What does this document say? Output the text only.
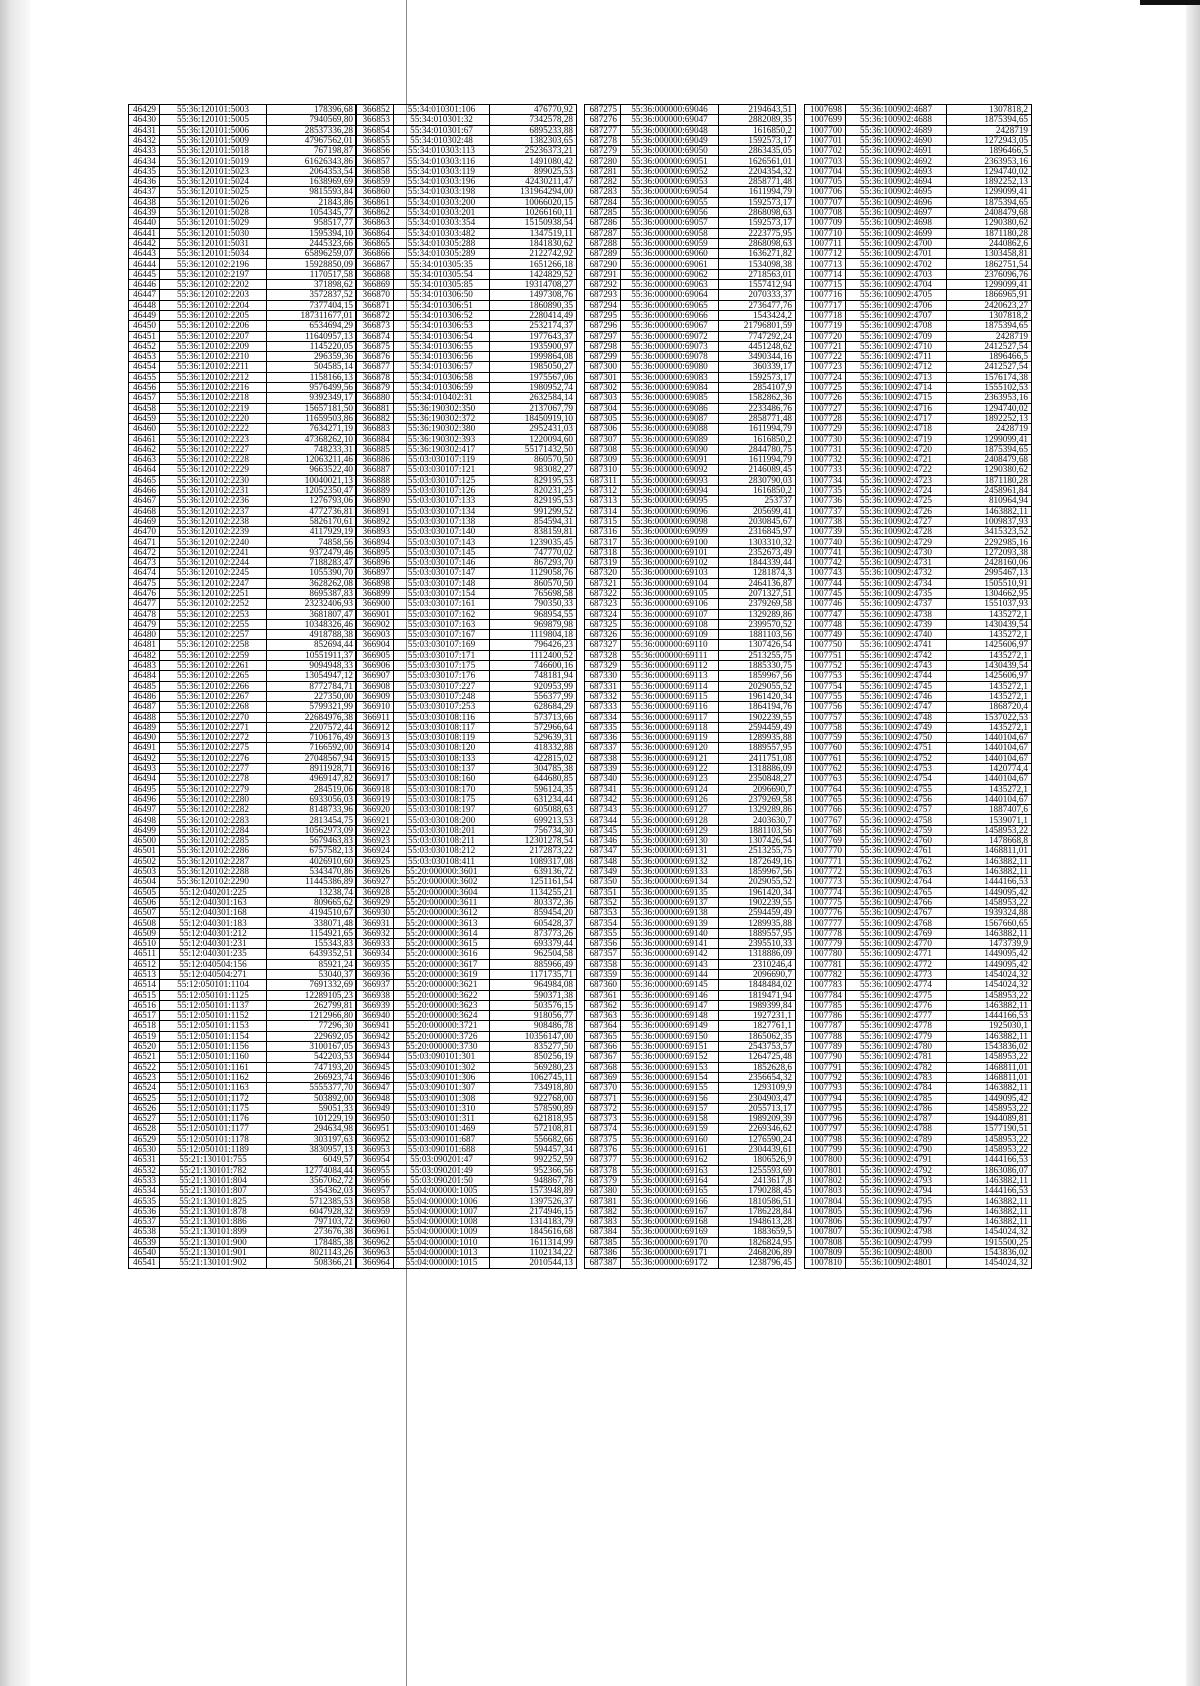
46429	55:36:120101:5003	178396,68
46430	55:36:120101:5005	7940569,80
46431	55:36:120101:5006	28537336,28
46432	55:36:120101:5009	47967562,01
46433	55:36:120101:5018	767198,87
46434	55:36:120101:5019	61626343,86
46435	55:36:120101:5023	2064353,54
46436	55:36:120101:5024	1638969,69
46437	55:36:120101:5025	9815593,84
46438	55:36:120101:5026	21843,86
46439	55:36:120101:5028	1054345,77
46440	55:36:120101:5029	958517,77
46441	55:36:120101:5030	1595394,10
46442	55:36:120101:5031	2445323,66
46443	55:36:120101:5034	65896259,07
46444	55:36:120102:2196	15928850,09
46445	55:36:120102:2197	1170517,58
46446	55:36:120102:2202	371898,62
46447	55:36:120102:2203	3572837,52
46448	55:36:120102:2204	7377404,15
46449	55:36:120102:2205	187311677,01
46450	55:36:120102:2206	6534694,29
46451	55:36:120102:2207	11640957,13
46452	55:36:120102:2209	1145220,05
46453	55:36:120102:2210	296359,36
46454	55:36:120102:2211	504585,14
46455	55:36:120102:2212	1158166,13
46456	55:36:120102:2216	9576499,56
46457	55:36:120102:2218	9392349,17
46458	55:36:120102:2219	15657181,50
46459	55:36:120102:2220	11659503,86
46460	55:36:120102:2222	7634271,19
46461	55:36:120102:2223	47368262,10
46462	55:36:120102:2227	748233,31
46463	55:36:120102:2228	12063211,46
46464	55:36:120102:2229	9663522,40
46465	55:36:120102:2230	10040021,13
46466	55:36:120102:2231	12052350,47
46467	55:36:120102:2236	1276793,06
46468	55:36:120102:2237	4772736,81
46469	55:36:120102:2238	5826170,61
46470	55:36:120102:2239	4117929,19
46471	55:36:120102:2240	74858,56
46472	55:36:120102:2241	9372479,46
46473	55:36:120102:2244	7188283,47
46474	55:36:120102:2245	1055390,70
46475	55:36:120102:2247	3628262,08
46476	55:36:120102:2251	8695387,83
46477	55:36:120102:2252	23232406,93
46478	55:36:120102:2253	3681807,47
46479	55:36:120102:2255	10348326,46
46480	55:36:120102:2257	4918788,38
46481	55:36:120102:2258	852694,44
46482	55:36:120102:2259	10551911,37
46483	55:36:120102:2261	9094948,33
46484	55:36:120102:2265	13054947,12
46485	55:36:120102:2266	8772784,71
46486	55:36:120102:2267	227350,00
46487	55:36:120102:2268	5799321,99
46488	55:36:120102:2270	22684976,38
46489	55:36:120102:2271	2207572,44
46490	55:36:120102:2272	7106176,49
46491	55:36:120102:2275	7166592,00
46492	55:36:120102:2276	27048567,94
46493	55:36:120102:2277	8911928,71
46494	55:36:120102:2278	4969147,82
46495	55:36:120102:2279	284519,06
46496	55:36:120102:2280	6933056,03
46497	55:36:120102:2282	8148733,96
46498	55:36:120102:2283	2813454,75
46499	55:36:120102:2284	10562973,09
46500	55:36:120102:2285	5679463,83
46501	55:36:120102:2286	6757582,13
46502	55:36:120102:2287	4026910,60
46503	55:36:120102:2288	5343470,86
46504	55:36:120102:2290	11445386,89
46505	55:12:040201:225	13238,74
46506	55:12:040301:163	809665,62
46507	55:12:040301:168	4194510,67
46508	55:12:040301:183	338071,48
46509	55:12:040301:212	1154921,65
46510	55:12:040301:231	155343,83
46511	55:12:040301:235	6439352,51
46512	55:12:040504:156	85921,24
46513	55:12:040504:271	53040,37
46514	55:12:050101:1104	7691332,69
46515	55:12:050101:1125	12289105,23
46516	55:12:050101:1137	262799,81
46517	55:12:050101:1152	1212966,80
46518	55:12:050101:1153	77296,30
46519	55:12:050101:1154	229692,05
46520	55:12:050101:1156	3100167,05
46521	55:12:050101:1160	542203,53
46522	55:12:050101:1161	747193,20
46523	55:12:050101:1162	266923,74
46524	55:12:050101:1163	5555377,70
46525	55:12:050101:1172	503892,00
46526	55:12:050101:1175	59051,33
46527	55:12:050101:1176	101229,19
46528	55:12:050101:1177	294634,98
46529	55:12:050101:1178	303197,63
46530	55:12:050101:1189	3830957,13
46531	55:21:130101:755	6049,57
46532	55:21:130101:782	12774084,44
46533	55:21:130101:804	3567062,72
46534	55:21:130101:807	354362,03
46535	55:21:130101:825	5712385,53
46536	55:21:130101:878	6047928,32
46537	55:21:130101:886	797103,72
46538	55:21:130101:899	273676,38
46539	55:21:130101:900	178485,38
46540	55:21:130101:901	8021143,26
46541	55:21:130101:902	508366,21
366852	55:34:010301:106	476770,92
366853	55:34:010301:32	7342578,28
366854	55:34:010301:67	6895233,88
366855	55:34:010302:48	1382303,65
366856	55:34:010303:113	25236373,21
366857	55:34:010303:116	1491080,42
366858	55:34:010303:119	899025,53
366859	55:34:010303:196	42430211,47
366860	55:34:010303:198	131964294,00
366861	55:34:010303:200	10066020,15
366862	55:34:010303:201	10266160,11
366863	55:34:010303:354	15150938,54
366864	55:34:010303:482	1347519,11
366865	55:34:010305:288	1841830,62
366866	55:34:010305:289	2122742,92
366867	55:34:010305:35	1651266,18
366868	55:34:010305:54	1424829,52
366869	55:34:010305:85	19314708,27
366870	55:34:010306:50	1497308,76
366871	55:34:010306:51	1860890,35
366872	55:34:010306:52	2280414,49
366873	55:34:010306:53	2532174,37
366874	55:34:010306:54	1977643,37
366875	55:34:010306:55	1935900,97
366876	55:34:010306:56	1999864,08
366877	55:34:010306:57	1985050,27
366878	55:34:010306:58	1975567,06
366879	55:34:010306:59	1980952,74
366880	55:34:010402:31	2632584,14
366881	55:36:190302:350	2137067,79
366882	55:36:190302:372	18450919,10
366883	55:36:190302:380	2952431,03
366884	55:36:190302:393	1220094,60
366885	55:36:190302:417	55171432,50
366886	55:03:030107:119	860570,50
366887	55:03:030107:121	983082,27
366888	55:03:030107:125	829195,53
366889	55:03:030107:126	820231,25
366890	55:03:030107:133	829195,53
366891	55:03:030107:134	991299,52
366892	55:03:030107:138	854594,31
366893	55:03:030107:140	838159,81
366894	55:03:030107:143	1239035,45
366895	55:03:030107:145	747770,02
366896	55:03:030107:146	867293,70
366897	55:03:030107:147	1129058,76
366898	55:03:030107:148	860570,50
366899	55:03:030107:154	765698,58
366900	55:03:030107:161	790350,33
366901	55:03:030107:162	968954,55
366902	55:03:030107:163	969879,98
366903	55:03:030107:167	1119804,18
366904	55:03:030107:169	796426,23
366905	55:03:030107:171	1112400,52
366906	55:03:030107:175	746600,16
366907	55:03:030107:176	748181,94
366908	55:03:030107:227	920953,99
366909	55:03:030107:248	556377,99
366910	55:03:030107:253	628684,29
366911	55:03:030108:116	573713,66
366912	55:03:030108:117	572966,64
366913	55:03:030108:119	529639,31
366914	55:03:030108:120	418332,88
366915	55:03:030108:133	422815,02
366916	55:03:030108:137	304785,38
366917	55:03:030108:160	644680,85
366918	55:03:030108:170	596124,35
366919	55:03:030108:175	631234,44
366920	55:03:030108:197	605088,63
366921	55:03:030108:200	699213,53
366922	55:03:030108:201	756734,30
366923	55:03:030108:211	12301278,54
366924	55:03:030108:212	2172873,22
366925	55:03:030108:411	1089317,08
366926	55:20:000000:3601	639136,72
366927	55:20:000000:3602	1251161,54
366928	55:20:000000:3604	1134255,21
366929	55:20:000000:3611	803372,36
366930	55:20:000000:3612	859454,20
366931	55:20:000000:3613	605428,37
366932	55:20:000000:3614	873773,26
366933	55:20:000000:3615	693379,44
366934	55:20:000000:3616	962504,58
366935	55:20:000000:3617	885966,49
366936	55:20:000000:3619	1171735,71
366937	55:20:000000:3621	964984,08
366938	55:20:000000:3622	590371,38
366939	55:20:000000:3623	503576,15
366940	55:20:000000:3624	918056,77
366941	55:20:000000:3721	908486,78
366942	55:20:000000:3726	10356147,00
366943	55:20:000000:3730	835277,50
366944	55:03:090101:301	850256,19
366945	55:03:090101:302	569280,23
366946	55:03:090101:306	1062745,11
366947	55:03:090101:307	734918,80
366948	55:03:090101:308	922768,00
366949	55:03:090101:310	578590,89
366950	55:03:090101:311	621818,95
366951	55:03:090101:469	572108,81
366952	55:03:090101:687	556682,66
366953	55:03:090101:688	594457,34
366954	55:03:090201:47	992252,59
366955	55:03:090201:49	952366,56
366956	55:03:090201:50	948867,78
366957	55:04:000000:1005	1573948,89
366958	55:04:000000:1006	1397526,37
366959	55:04:000000:1007	2174946,15
366960	55:04:000000:1008	1314183,79
366961	55:04:000000:1009	1845616,68
366962	55:04:000000:1010	1611314,99
366963	55:04:000000:1013	1102134,22
366964	55:04:000000:1015	2010544,13
687275	55:36:000000:69046	2194643,51
687276	55:36:000000:69047	2882089,35
687277	55:36:000000:69048	1616850,2
687278	55:36:000000:69049	1592573,17
687279	55:36:000000:69050	2863435,05
687280	55:36:000000:69051	1626561,01
687281	55:36:000000:69052	2204354,32
687282	55:36:000000:69053	2858771,48
687283	55:36:000000:69054	1611994,79
687284	55:36:000000:69055	1592573,17
687285	55:36:000000:69056	2868098,63
687286	55:36:000000:69057	1592573,17
687287	55:36:000000:69058	2223775,95
687288	55:36:000000:69059	2868098,63
687289	55:36:000000:69060	1636271,82
687290	55:36:000000:69061	1534098,38
687291	55:36:000000:69062	2718563,01
687292	55:36:000000:69063	1557412,94
687293	55:36:000000:69064	2070333,37
687294	55:36:000000:69065	2736477,76
687295	55:36:000000:69066	1543424,2
687296	55:36:000000:69067	21796801,59
687297	55:36:000000:69072	7747292,24
687298	55:36:000000:69073	4451248,62
687299	55:36:000000:69078	3490344,16
687300	55:36:000000:69080	360339,17
687301	55:36:000000:69083	1592573,17
687302	55:36:000000:69084	2854107,9
687303	55:36:000000:69085	1582862,36
687304	55:36:000000:69086	2233486,76
687305	55:36:000000:69087	2858771,48
687306	55:36:000000:69088	1611994,79
687307	55:36:000000:69089	1616850,2
687308	55:36:000000:69090	2844780,75
687309	55:36:000000:69091	1611994,79
687310	55:36:000000:69092	2146089,45
687311	55:36:000000:69093	2830790,03
687312	55:36:000000:69094	1616850,2
687313	55:36:000000:69095	253737
687314	55:36:000000:69096	205699,41
687315	55:36:000000:69098	2030845,67
687316	55:36:000000:69099	2316845,97
687317	55:36:000000:69100	1303310,32
687318	55:36:000000:69101	2352673,49
687319	55:36:000000:69102	1844339,44
687320	55:36:000000:69103	1281874,3
687321	55:36:000000:69104	2464136,87
687322	55:36:000000:69105	2071327,51
687323	55:36:000000:69106	2379269,58
687324	55:36:000000:69107	1329289,86
687325	55:36:000000:69108	2399570,52
687326	55:36:000000:69109	1881103,56
687327	55:36:000000:69110	1307426,54
687328	55:36:000000:69111	2513255,75
687329	55:36:000000:69112	1885330,75
687330	55:36:000000:69113	1859967,56
687331	55:36:000000:69114	2029055,52
687332	55:36:000000:69115	1961420,34
687333	55:36:000000:69116	1864194,76
687334	55:36:000000:69117	1902239,55
687335	55:36:000000:69118	2594459,49
687336	55:36:000000:69119	1289935,88
687337	55:36:000000:69120	1889557,95
687338	55:36:000000:69121	2411751,08
687339	55:36:000000:69122	1318886,09
687340	55:36:000000:69123	2350848,27
687341	55:36:000000:69124	2096690,7
687342	55:36:000000:69126	2379269,58
687343	55:36:000000:69127	1329289,86
687344	55:36:000000:69128	2403630,7
687345	55:36:000000:69129	1881103,56
687346	55:36:000000:69130	1307426,54
687347	55:36:000000:69131	2513255,75
687348	55:36:000000:69132	1872649,16
687349	55:36:000000:69133	1859967,56
687350	55:36:000000:69134	2029055,52
687351	55:36:000000:69135	1961420,34
687352	55:36:000000:69137	1902239,55
687353	55:36:000000:69138	2594459,49
687354	55:36:000000:69139	1289935,88
687355	55:36:000000:69140	1889557,95
687356	55:36:000000:69141	2395510,33
687357	55:36:000000:69142	1318886,09
687358	55:36:000000:69143	2310246,4
687359	55:36:000000:69144	2096690,7
687360	55:36:000000:69145	1848484,02
687361	55:36:000000:69146	1819471,94
687362	55:36:000000:69147	1989399,84
687363	55:36:000000:69148	1927231,1
687364	55:36:000000:69149	1827761,1
687365	55:36:000000:69150	1865062,35
687366	55:36:000000:69151	2543753,57
687367	55:36:000000:69152	1264725,48
687368	55:36:000000:69153	1852628,6
687369	55:36:000000:69154	2356654,32
687370	55:36:000000:69155	1293109,9
687371	55:36:000000:69156	2304903,47
687372	55:36:000000:69157	2055713,17
687373	55:36:000000:69158	1989209,39
687374	55:36:000000:69159	2269346,62
687375	55:36:000000:69160	1276590,24
687376	55:36:000000:69161	2304439,61
687377	55:36:000000:69162	1806526,9
687378	55:36:000000:69163	1255593,69
687379	55:36:000000:69164	2413617,8
687380	55:36:000000:69165	1790288,45
687381	55:36:000000:69166	1810586,51
687382	55:36:000000:69167	1786228,84
687383	55:36:000000:69168	1948613,28
687384	55:36:000000:69169	1883659,5
687385	55:36:000000:69170	1826824,95
687386	55:36:000000:69171	2468206,89
687387	55:36:000000:69172	1238796,45
1007698	55:36:100902:4687	1307818,2
1007699	55:36:100902:4688	1875394,65
1007700	55:36:100902:4689	2428719
1007701	55:36:100902:4690	1272943,05
1007702	55:36:100902:4691	1896466,5
1007703	55:36:100902:4692	2363953,16
1007704	55:36:100902:4693	1294740,02
1007705	55:36:100902:4694	1892252,13
1007706	55:36:100902:4695	1299099,41
1007707	55:36:100902:4696	1875394,65
1007708	55:36:100902:4697	2408479,68
1007709	55:36:100902:4698	1290380,62
1007710	55:36:100902:4699	1871180,28
1007711	55:36:100902:4700	2440862,6
1007712	55:36:100902:4701	1303458,81
1007713	55:36:100902:4702	1862751,54
1007714	55:36:100902:4703	2376096,76
1007715	55:36:100902:4704	1299099,41
1007716	55:36:100902:4705	1866965,91
1007717	55:36:100902:4706	2420623,27
1007718	55:36:100902:4707	1307818,2
1007719	55:36:100902:4708	1875394,65
1007720	55:36:100902:4709	2428719
1007721	55:36:100902:4710	2412527,54
1007722	55:36:100902:4711	1896466,5
1007723	55:36:100902:4712	2412527,54
1007724	55:36:100902:4713	1576174,38
1007725	55:36:100902:4714	1555102,53
1007726	55:36:100902:4715	2363953,16
1007727	55:36:100902:4716	1294740,02
1007728	55:36:100902:4717	1892252,13
1007729	55:36:100902:4718	2428719
1007730	55:36:100902:4719	1299099,41
1007731	55:36:100902:4720	1875394,65
1007732	55:36:100902:4721	2408479,68
1007733	55:36:100902:4722	1290380,62
1007734	55:36:100902:4723	1871180,28
1007735	55:36:100902:4724	2458961,84
1007736	55:36:100902:4725	810964,94
1007737	55:36:100902:4726	1463882,11
1007738	55:36:100902:4727	1009837,93
1007739	55:36:100902:4728	3415323,52
1007740	55:36:100902:4729	2292985,16
1007741	55:36:100902:4730	1272093,38
1007742	55:36:100902:4731	2428160,06
1007743	55:36:100902:4732	2995467,13
1007744	55:36:100902:4734	1505510,91
1007745	55:36:100902:4735	1304662,95
1007746	55:36:100902:4737	1551037,93
1007747	55:36:100902:4738	1435272,1
1007748	55:36:100902:4739	1430439,54
1007749	55:36:100902:4740	1435272,1
1007750	55:36:100902:4741	1425606,97
1007751	55:36:100902:4742	1435272,1
1007752	55:36:100902:4743	1430439,54
1007753	55:36:100902:4744	1425606,97
1007754	55:36:100902:4745	1435272,1
1007755	55:36:100902:4746	1435272,1
1007756	55:36:100902:4747	1868720,4
1007757	55:36:100902:4748	1537022,53
1007758	55:36:100902:4749	1435272,1
1007759	55:36:100902:4750	1440104,67
1007760	55:36:100902:4751	1440104,67
1007761	55:36:100902:4752	1440104,67
1007762	55:36:100902:4753	1420774,4
1007763	55:36:100902:4754	1440104,67
1007764	55:36:100902:4755	1435272,1
1007765	55:36:100902:4756	1440104,67
1007766	55:36:100902:4757	1887407,6
1007767	55:36:100902:4758	1539071,1
1007768	55:36:100902:4759	1458953,22
1007769	55:36:100902:4760	1478668,8
1007770	55:36:100902:4761	1468811,01
1007771	55:36:100902:4762	1463882,11
1007772	55:36:100902:4763	1463882,11
1007773	55:36:100902:4764	1444166,53
1007774	55:36:100902:4765	1449095,42
1007775	55:36:100902:4766	1458953,22
1007776	55:36:100902:4767	1939324,88
1007777	55:36:100902:4768	1567660,65
1007778	55:36:100902:4769	1463882,11
1007779	55:36:100902:4770	1473739,9
1007780	55:36:100902:4771	1449095,42
1007781	55:36:100902:4772	1449095,42
1007782	55:36:100902:4773	1454024,32
1007783	55:36:100902:4774	1454024,32
1007784	55:36:100902:4775	1458953,22
1007785	55:36:100902:4776	1463882,11
1007786	55:36:100902:4777	1444166,53
1007787	55:36:100902:4778	1925030,1
1007788	55:36:100902:4779	1463882,11
1007789	55:36:100902:4780	1543836,02
1007790	55:36:100902:4781	1458953,22
1007791	55:36:100902:4782	1468811,01
1007792	55:36:100902:4783	1468811,01
1007793	55:36:100902:4784	1463882,11
1007794	55:36:100902:4785	1449095,42
1007795	55:36:100902:4786	1458953,22
1007796	55:36:100902:4787	1944089,81
1007797	55:36:100902:4788	1577190,51
1007798	55:36:100902:4789	1458953,22
1007799	55:36:100902:4790	1458953,22
1007800	55:36:100902:4791	1444166,53
1007801	55:36:100902:4792	1863086,07
1007802	55:36:100902:4793	1463882,11
1007803	55:36:100902:4794	1444166,53
1007804	55:36:100902:4795	1463882,11
1007805	55:36:100902:4796	1463882,11
1007806	55:36:100902:4797	1463882,11
1007807	55:36:100902:4798	1454024,32
1007808	55:36:100902:4799	1915500,25
1007809	55:36:100902:4800	1543836,02
1007810	55:36:100902:4801	1454024,32
